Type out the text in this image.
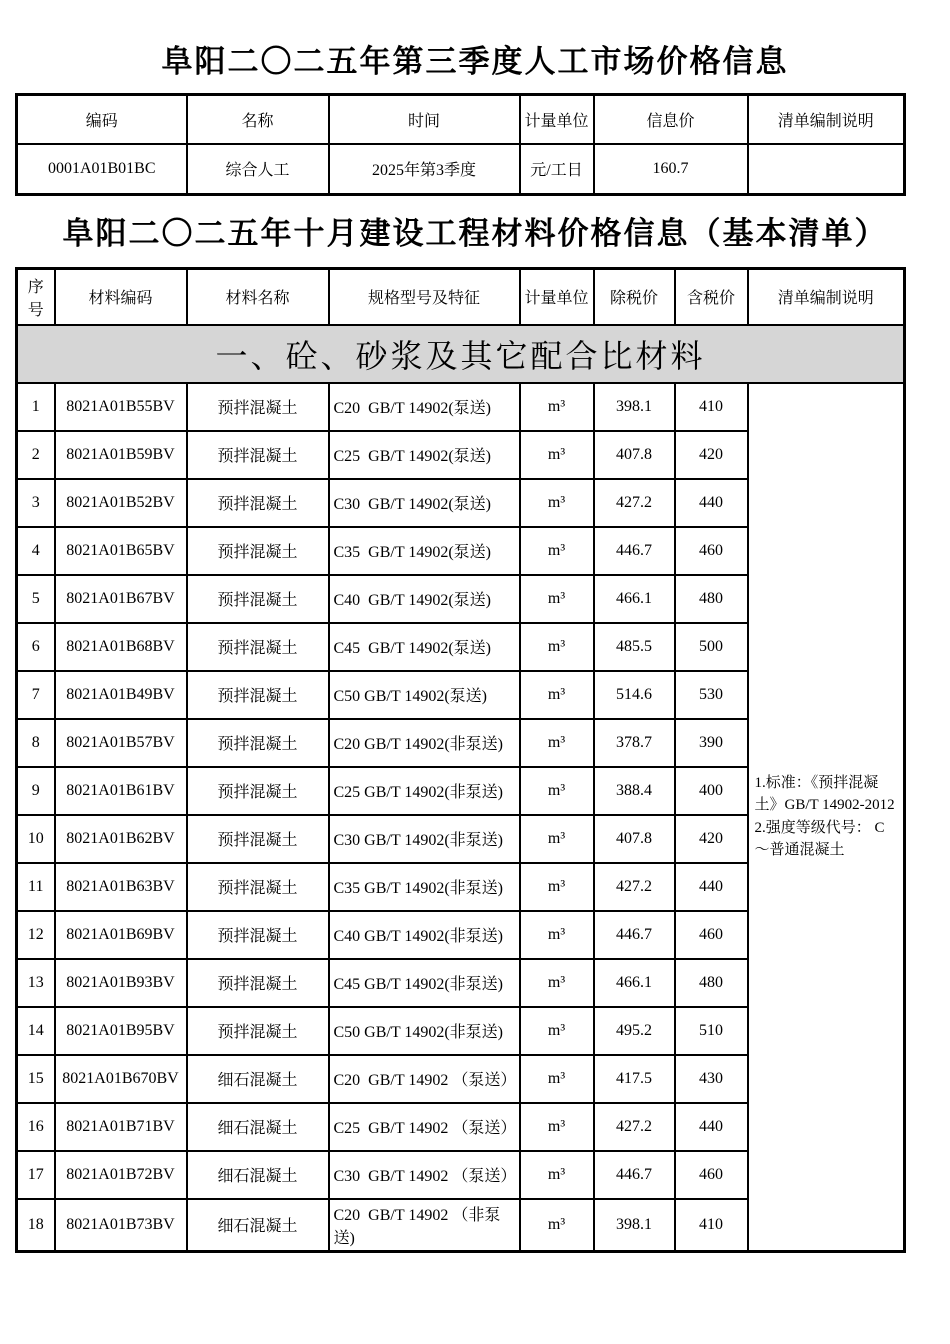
阜阳二〇二五年第三季度人工市场价格信息
编码	名称	时间	计量单位	信息价	清单编制说明
0001A01B01BC	综合人工	2025年第3季度	元/工日	160.7	
阜阳二〇二五年十月建设工程材料价格信息（基本清单）
序号	材料编码	材料名称	规格型号及特征	计量单位	除税价	含税价	清单编制说明
一、砼、砂浆及其它配合比材料							
1	8021A01B55BV	预拌混凝土	C20  GB/T 14902(泵送)	m³	398.1	410	1.标准：《预拌混凝土》GB/T 14902-2012
2.强度等级代号： C～普通混凝土

2	8021A01B59BV	预拌混凝土	C25  GB/T 14902(泵送)	m³	407.8	420	
3	8021A01B52BV	预拌混凝土	C30  GB/T 14902(泵送)	m³	427.2	440	
4	8021A01B65BV	预拌混凝土	C35  GB/T 14902(泵送)	m³	446.7	460	
5	8021A01B67BV	预拌混凝土	C40  GB/T 14902(泵送)	m³	466.1	480	
6	8021A01B68BV	预拌混凝土	C45  GB/T 14902(泵送)	m³	485.5	500	
7	8021A01B49BV	预拌混凝土	C50 GB/T 14902(泵送)	m³	514.6	530	
8	8021A01B57BV	预拌混凝土	C20 GB/T 14902(非泵送)	m³	378.7	390	
9	8021A01B61BV	预拌混凝土	C25 GB/T 14902(非泵送)	m³	388.4	400	
10	8021A01B62BV	预拌混凝土	C30 GB/T 14902(非泵送)	m³	407.8	420	
11	8021A01B63BV	预拌混凝土	C35 GB/T 14902(非泵送)	m³	427.2	440	
12	8021A01B69BV	预拌混凝土	C40 GB/T 14902(非泵送)	m³	446.7	460	
13	8021A01B93BV	预拌混凝土	C45 GB/T 14902(非泵送)	m³	466.1	480	
14	8021A01B95BV	预拌混凝土	C50 GB/T 14902(非泵送)	m³	495.2	510	
15	8021A01B670BV	细石混凝土	C20  GB/T 14902 （泵送）	m³	417.5	430	
16	8021A01B71BV	细石混凝土	C25  GB/T 14902 （泵送）	m³	427.2	440	
17	8021A01B72BV	细石混凝土	C30  GB/T 14902 （泵送）	m³	446.7	460	
18	8021A01B73BV	细石混凝土	C20  GB/T 14902 （非泵送)	m³	398.1	410	
